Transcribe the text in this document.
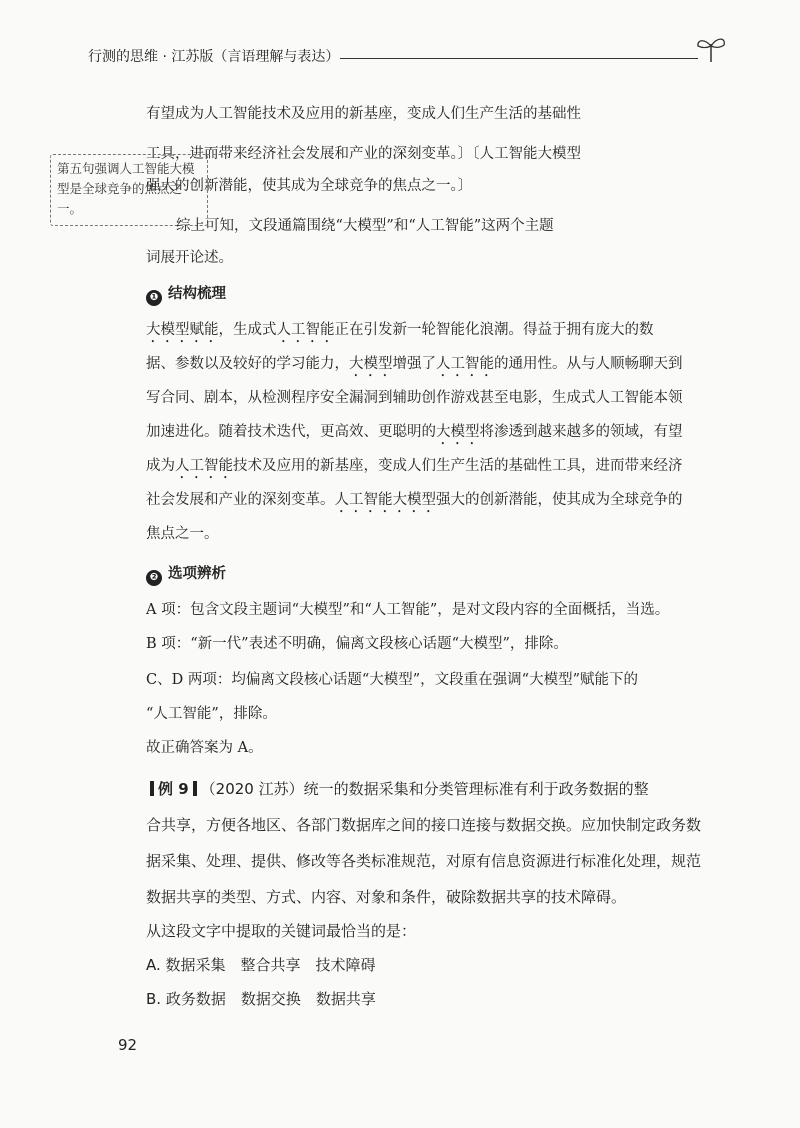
行测的思维 · 江苏版（言语理解与表达）
有望成为人工智能技术及应用的新基座，变成人们生产生活的基础性
工具，进而带来经济社会发展和产业的深刻变革。〕〔人工智能大模型
强大的创新潜能，使其成为全球竞争的焦点之一。〕
第五句强调人工智能大模型是全球竞争的焦点之一。
综上可知，文段通篇围绕“大模型”和“人工智能”这两个主题
词展开论述。
❶ 结构梳理
大模型赋能，生成式人工智能正在引发新一轮智能化浪潮。得益于拥有庞大的数
据、参数以及较好的学习能力，大模型增强了人工智能的通用性。从与人顺畅聊天到
写合同、剧本，从检测程序安全漏洞到辅助创作游戏甚至电影，生成式人工智能本领
加速进化。随着技术迭代，更高效、更聪明的大模型将渗透到越来越多的领域，有望
成为人工智能技术及应用的新基座，变成人们生产生活的基础性工具，进而带来经济
社会发展和产业的深刻变革。人工智能大模型强大的创新潜能，使其成为全球竞争的
焦点之一。
❷ 选项辨析
A 项：包含文段主题词“大模型”和“人工智能”，是对文段内容的全面概括，当选。
B 项：“新一代”表述不明确，偏离文段核心话题“大模型”，排除。
C、D 两项：均偏离文段核心话题“大模型”，文段重在强调“大模型”赋能下的
“人工智能”，排除。
故正确答案为 A。
例 9 （2020 江苏）统一的数据采集和分类管理标准有利于政务数据的整
合共享，方便各地区、各部门数据库之间的接口连接与数据交换。应加快制定政务数
据采集、处理、提供、修改等各类标准规范，对原有信息资源进行标准化处理，规范
数据共享的类型、方式、内容、对象和条件，破除数据共享的技术障碍。
从这段文字中提取的关键词最恰当的是：
A. 数据采集　整合共享　技术障碍
B. 政务数据　数据交换　数据共享
92
